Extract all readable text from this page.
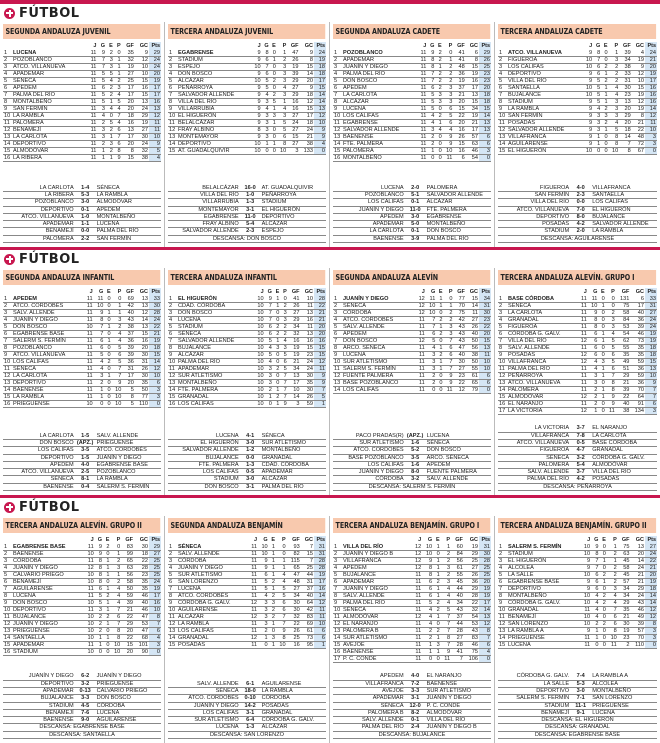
FÚTBOL
SEGUNDA ANDALUZA JUVENIL
		J	G	E	P	GF	GC	Pts
1	LUCENA	11	9	2	0	35	9	29
2	POZOBLANCO	11	7	3	1	32	12	24
3	ATCO. VILLANUEVA	11	7	3	1	19	10	24
4	APADEMAR	11	5	5	1	27	10	20
5	SÉNECA	11	5	4	2	25	15	19
6	APEDEM	11	6	2	3	17	16	17
7	PALMA DEL RÍO	11	5	2	4	17	15	17
8	MONTALBEÑO	11	5	1	5	20	13	16
9	SAN FERMÍN	11	3	4	4	20	24	13
10	LA RAMBLA	11	4	0	7	18	29	12
11	PALOMERA	11	2	5	4	16	19	11
12	BENAMEJÍ	11	3	2	6	13	27	11
13	LA CARLOTA	11	3	1	7	17	30	10
14	DEPORTIVO	11	2	3	6	20	24	9
15	ALMODÓVAR	11	1	2	8	8	32	5
16	LA RIBERA	11	1	1	9	15	38	4
LA CARLOTA	1-4	SÉNECA
LA RIBERA	5-3	LA RAMBLA
POZOBLANCO	3-0	ALMODÓVAR
DEPORTIVO	0-1	APEDEM
ATCO. VILLANUEVA	1-0	MONTALBEÑO
APADEMAR	1-1	LUCENA
BENAMEJÍ	0-0	PALMA DEL RÍO
PALOMERA	2-2	SAN FERMÍN
TERCERA ANDALUZA JUVENIL
		J	G	E	P	GF	GC	Pts
1	EGABRENSE	9	8	0	1	47	9	24
2	STADIUM	9	6	1	2	26	8	19
3	ESPEJO	10	7	0	3	19	15	18
4	DON BOSCO	9	6	0	3	39	14	18
5	ALCÁZAR	10	5	2	3	29	20	17
6	PEÑARROYA	9	5	0	4	27	9	15
7	SALVADOR ALLENDE	9	4	2	3	29	18	14
8	VILLA DEL RÍO	9	3	5	1	16	12	14
9	VILLARRUBIA	9	4	1	4	16	15	13
10	EL HIGUERÓN	9	3	3	3	27	17	12
11	BELALCÁZAR	9	3	1	5	24	18	10
12	FRAY ALBINO	8	3	0	5	27	24	9
13	MONTEMAYOR	9	3	0	6	15	21	9
14	DEPORTIVO	10	1	1	8	27	38	4
15	AT. GUADALQUIVIR	10	0	0	10	3	133	0
BELALCÁZAR	16-0	AT. GUADALQUIVIR
VILLA DEL RÍO	1-0	PEÑARROYA
VILLARRUBIA	1-3	STADIUM
MONTEMAYOR	3-1	EL HIGUERÓN
EGABRENSE	11-0	DEPORTIVO
FRAY ALBINO	5-4	ALCÁZAR
SALVADOR ALLENDE	2-3	ESPEJO
DESCANSA: DON BOSCO
SEGUNDA ANDALUZA CADETE
		J	G	E	P	GF	GC	Pts
1	POZOBLANCO	11	9	2	0	41	6	29
2	APADEMAR	11	8	2	1	41	8	26
3	JUANÍN Y DIEGO	11	8	1	2	48	15	25
4	PALMA DEL RÍO	11	7	2	2	36	19	23
5	DON BOSCO	11	7	2	2	19	16	23
6	APEDEM	11	6	2	3	37	17	20
7	LA CARLOTA	11	5	3	3	21	13	18
8	ALCÁZAR	11	5	3	3	20	15	18
9	LUCENA	11	5	0	6	15	34	15
10	LOS CALIFAS	11	4	2	5	22	19	14
11	EGABRENSE	11	4	1	6	20	21	13
12	SALVADOR ALLENDE	11	3	4	4	16	17	13
13	BAENENSE	11	2	0	9	26	57	6
14	FTE. PALMERA	11	2	0	9	15	63	6
15	PALOMERA	11	1	0	10	16	46	3
16	MONTALBEÑO	11	0	0	11	6	54	0
LUCENA	2-0	PALOMERA
POZOBLANCO	5-1	SALVADOR ALLENDE
LOS CALIFAS	0-1	ALCÁZAR
JUANÍN Y DIEGO	11-0	FTE. PALMERA
APEDEM	3-0	EGABRENSE
APADEMAR	5-0	MONTALBEÑO
LA CARLOTA	0-1	DON BOSCO
BAENENSE	3-9	PALMA DEL RÍO
TERCERA ANDALUZA CADETE
		J	G	E	P	GF	GC	Pts
1	ATCO. VILLANUEVA	9	8	0	1	39	4	24
2	FIGUEROA	10	7	0	3	34	19	21
3	LOS CALIFAS	10	6	2	2	38	9	20
4	DEPORTIVO	9	6	1	2	33	12	19
5	VILLA DEL RÍO	9	5	2	2	31	10	17
6	SANTAELLA	10	5	1	4	30	15	16
7	BUJALANCE	10	5	1	4	23	19	16
8	STADIUM	9	5	1	3	13	12	16
9	LA RAMBLA	9	4	2	3	20	19	14
10	SAN FERMÍN	9	3	3	3	29	8	12
11	POSADAS	9	3	2	4	20	21	11
12	SALVADOR ALLENDE	9	3	1	5	18	22	10
13	VILLAFRANCA	9	1	0	8	14	48	3
14	AGUILARENSE	9	1	0	8	7	72	3
15	EL HIGUERÓN	10	0	0	10	8	67	0
FIGUEROA	4-0	VILLAFRANCA
SAN FERMÍN	2-3	SANTAELLA
VILLA DEL RÍO	0-0	LOS CALIFAS
ATCO. VILLANUEVA	7-0	EL HIGUERÓN
DEPORTIVO	8-0	BUJALANCE
POSADAS	4-2	SALVADOR ALLENDE
STADIUM	2-0	LA RAMBLA
DESCANSA: AGUILARENSE
FÚTBOL
SEGUNDA ANDALUZA INFANTIL
		J	G	E	P	GF	GC	Pts
1	APEDEM	11	11	0	0	69	13	33
2	ATCO. CORDOBÉS	11	10	0	1	42	13	30
3	SALV. ALLENDE	11	9	1	1	40	12	28
4	JUANÍN Y DIEGO	11	8	0	3	43	14	24
5	DON BOSCO	10	7	1	2	38	13	22
6	EGABRENSE BASE	11	7	0	4	37	15	21
7	SALERM S. FERMÍN	11	6	1	4	36	16	19
8	POZOBLANCO	11	6	0	5	39	20	18
9	ATCO. VILLANUEVA	11	5	0	6	39	30	15
10	LOS CALIFAS	11	4	2	5	36	31	14
11	SÉNECA	11	4	0	7	31	26	12
12	LA CARLOTA	11	3	1	7	17	30	10
13	DEPORTIVO	11	2	0	9	20	35	6
14	BAENENSE	11	1	0	10	5	50	3
15	LA RAMBLA	11	1	0	10	8	77	3
16	PRIEGUENSE	10	0	0	10	5	110	0
LA CARLOTA	1-5	SALV. ALLENDE
DON BOSCO (APZ.) PRIEGUENSE
LOS CALIFAS	3-5	ATCO. CORDOBÉS
DEPORTIVO	1-5	JUANÍN Y DIEGO
APEDEM	4-0	EGABRENSE BASE
ATCO. VILLANUEVA	2-5	POZOBLANCO
SÉNECA	8-1	LA RAMBLA
BAENENSE	0-4	SALERM S. FERMÍN
TERCERA ANDALUZA INFANTIL
		J	G	E	P	GF	GC	Pts
1	EL HIGUERÓN	10	9	1	0	41	10	28
2	CDAD. CÓRDOBA	10	7	1	2	26	11	22
3	DON BOSCO	10	7	0	3	27	13	21
4	LUCENA	10	7	0	3	29	16	21
5	STADIUM	10	6	2	2	34	11	20
6	SÉNECA	10	6	2	2	32	13	20
7	SALVADOR ALLENDE	10	5	1	4	16	16	16
8	BUJALANCE	10	4	3	3	19	15	15
9	ALCÁZAR	10	5	0	5	19	23	15
10	PALMA DEL RÍO	10	4	0	6	21	24	12
11	APADEMAR	10	3	2	5	34	24	11
12	SUR ATLETISMO	10	3	0	7	13	30	9
13	MONTALBEÑO	10	3	0	7	17	35	9
14	FTE. PALMERA	10	2	1	7	10	30	7
15	GRANADAL	10	1	2	7	14	26	5
16	LOS CALIFAS	10	0	1	9	3	59	1
LUCENA	4-1	SÉNECA
EL HIGUERÓN	3-0	SUR ATLETISMO
SALVADOR ALLENDE	1-2	MONTALBEÑO
BUJALANCE	0-0	GRANADAL
FTE. PALMERA	1-3	CDAD. CÓRDOBA
LOS CALIFAS	0-5	APADEMAR
STADIUM	3-0	ALCÁZAR
DON BOSCO	3-1	PALMA DEL RÍO
SEGUNDA ANDALUZA ALEVÍN
		J	G	E	P	GF	GC	Pts
1	JUANÍN Y DIEGO	12	11	1	0	77	15	34
2	SÉNECA	12	10	1	1	70	14	31
3	CÓRDOBA	12	10	0	2	75	11	30
4	ATCO. CORDOBÉS	11	7	2	2	42	27	23
5	SALV. ALLENDE	11	7	1	3	43	26	22
6	APEDEM	11	6	2	3	43	40	20
7	DON BOSCO	12	5	0	7	43	50	15
8	ARCO. SÉNECA	11	4	1	6	47	56	13
9	LUCENA	11	3	2	6	40	38	11
10	SUR ATLETISMO	11	3	1	7	30	50	10
11	SALERM S. FERMÍN	11	3	1	7	27	55	10
12	FUENTE PALMERA	11	2	0	9	23	61	6
13	BASE POZOBLANCO	11	2	0	9	22	65	6
14	LOS CALIFAS	11	0	0	11	12	79	0
PACO PRADAS(R) (APZ.) LUCENA
SUR ATLETISMO	1-6	SÉNECA
ATCO. CORDOBÉS	5-2	DON BOSCO
BASE POZOBLANCO	3-5	ARCO. SÉNECA
LOS CALIFAS	1-6	APEDEM
JUANÍN Y DIEGO	8-0	FUENTE PALMERA
CÓRDOBA	3-2	SALV. ALLENDE
DESCANSA: SALERM S. FERMÍN
TERCERA ANDALUZA ALEVÍN. GRUPO I
		J	G	E	P	GF	GC	Pts
1	BASE CÓRDOBA	11	11	0	0	131	6	33
2	SÉNECA	11	10	1	0	75	17	31
3	LA CARLOTA	11	9	0	2	58	40	27
4	GRANADAL	11	8	0	3	84	36	24
5	FIGUEROA	11	8	0	3	53	39	24
6	CÓRDOBA G. GALV.	11	6	1	4	54	46	19
7	VILLA DEL RÍO	12	6	1	5	62	73	19
8	SALV. ALLENDE	11	6	0	5	55	35	18
9	POSADAS	12	6	0	6	35	35	18
10	VILLAFRANCA	12	4	3	5	49	59	15
11	PALMA DEL RÍO	11	4	1	6	51	36	13
12	PEÑARROYA	11	3	1	7	29	59	10
13	ATCO. VILLANUEVA	11	3	0	8	21	36	9
14	PALOMERA	11	2	1	8	39	70	7
15	ALMODÓVAR	12	2	1	9	22	64	7
16	EL NARANJO	11	2	0	9	40	91	6
17	LA VICTORIA	12	1	0	11	38	134	3
LA VICTORIA	3-7	EL NARANJO
VILLAFRANCA	7-8	LA CARLOTA
ATCO. VILLANUEVA	0-5	BASE CÓRDOBA
FIGUEROA	4-7	GRANADAL
SÉNECA	3-2	CÓRDOBA G. GALV.
PALOMERA	5-4	ALMODÓVAR
SALV. ALLENDE	3-7	VILLA DEL RÍO
PALMA DEL RÍO	4-2	POSADAS
DESCANSA: PEÑARROYA
FÚTBOL
TERCERA ANDALUZA ALEVÍN. GRUPO II
		J	G	E	P	GF	GC	Pts
1	EGABRENSE BASE	11	9	2	0	83	30	29
2	BAENENSE	10	9	0	1	99	18	27
3	CÓRDOBA	11	8	1	2	65	22	25
4	JUANÍN Y DIEGO	12	8	1	3	63	28	25
5	CALVARIO PRIEGO	10	8	1	1	56	23	25
6	BENAMEJÍ	10	8	0	2	58	35	24
7	AGUILARENSE	11	6	1	4	50	35	19
8	LUCENA	11	5	2	4	59	46	17
9	DON BOSCO	10	5	1	4	39	40	16
10	DEPORTIVO	11	3	1	7	21	46	10
11	BUJALANCE	10	2	2	6	22	47	8
12	JUANÍN Y DIEGO	10	2	1	7	29	53	7
13	PRIEGUENSE	10	2	0	8	20	47	6
14	SANTAELLA	10	1	1	8	22	68	4
15	APADEMAR	11	1	0	10	15	101	3
16	STADIUM	10	0	0	10	20	90	0
JUANÍN Y DIEGO	6-2	JUANÍN Y DIEGO
DEPORTIVO	3-2	PRIEGUENSE
APADEMAR	0-13	CALVARIO PRIEGO
BUJALANCE	3-3	DON BOSCO
STADIUM	4-5	CÓRDOBA
BENAMEJÍ	7-6	LUCENA
BAENENSE	9-0	AGUILARENSE
DESCANSA: EGABRENSE BASE
DESCANSA: SANTAELLA
SEGUNDA ANDALUZA BENJAMÍN
		J	G	E	P	GF	GC	Pts
1	SÉNECA	11	10	1	0	93	7	31
2	SALV. ALLENDE	11	10	1	0	82	15	31
3	CÓRDOBA	11	9	1	1	115	7	28
4	JUANÍN Y DIEGO	11	9	1	1	65	25	28
5	SUR ATLETISMO	11	6	1	4	47	44	19
6	SAN LORENZO	11	5	2	4	48	31	17
7	LUCENA	11	5	1	5	27	37	16
8	ATCO. CORDOBÉS	11	4	2	5	34	40	14
9	CÓRDOBA G. GALV.	12	3	3	6	30	64	12
10	AGUILARENSE	11	3	2	6	30	42	11
11	ALCÁZAR	12	3	2	7	32	83	11
12	LA RAMBLA	11	3	1	7	22	69	10
13	LOS CALIFAS	11	2	0	9	26	61	6
14	GRANADAL	12	1	3	8	25	73	6
15	POSADAS	11	0	1	10	16	95	1
SALV. ALLENDE	6-1	AGUILARENSE
SÉNECA	18-0	LA RAMBLA
ATCO. CORDOBÉS	0-10	CÓRDOBA
JUANÍN Y DIEGO	14-2	POSADAS
LOS CALIFAS	3-1	GRANADAL
SUR ATLETISMO	6-4	CÓRDOBA G. GALV.
LUCENA	1-3	ALCÁZAR
DESCANSA: SAN LORENZO
TERCERA ANDALUZA BENJAMÍN. GRUPO I
		J	G	E	P	GF	GC	Pts
1	VILLA DEL RÍO	12	10	1	1	60	19	31
2	JUANÍN Y DIEGO B	12	10	0	2	84	29	30
3	VILLAFRANCA	12	9	1	2	56	25	28
4	APEDEM	12	8	1	3	61	27	25
5	BUJALANCE	11	8	1	2	55	26	25
6	APADEMAR	11	6	2	3	45	36	20
7	JUANÍN Y DIEGO	11	6	1	4	44	29	19
8	SALV. ALLENDE	11	6	1	4	40	28	19
9	PALMA DEL RÍO	11	5	2	4	34	22	17
10	SÉNECA	11	4	2	5	43	32	14
11	ALMODÓVAR	12	4	1	7	37	54	13
12	EL NARANJO	11	4	0	7	44	53	12
13	PALOMERA B	11	2	2	7	28	43	8
14	SUR ATLETISMO	11	2	1	8	27	83	7
15	AVEJOE	11	1	3	7	28	46	6
16	BAENENSE	11	1	1	9	41	75	4
17	P. C. CONDE	11	0	0	11	7	106	0
APEDEM	4-0	EL NARANJO
VILLAFRANCA	7-2	BAENENSE
AVEJOE	3-3	SUR ATLETISMO
APADEMAR	3-1	JUANÍN Y DIEGO
SÉNECA	12-0	P. C. CONDE
PALOMERA B	8-2	ALMODÓVAR
SALV. ALLENDE	0-1	VILLA DEL RÍO
PALMA DEL RÍO	2-4	JUANÍN Y DIEGO B
DESCANSA: BUJALANCE
TERCERA ANDALUZA BENJAMÍN. GRUPO II
		J	G	E	P	GF	GC	Pts
1	SALERM S. FERMÍN	10	9	0	1	75	13	27
2	STADIUM	10	8	0	2	63	20	24
3	EL HIGUERÓN	9	7	1	1	45	14	22
4	ALCOLEA	9	7	0	2	58	24	21
5	LA SALLE	10	6	2	2	45	21	20
6	EGABRENSE BASE	9	6	1	2	57	21	19
7	DEPORTIVO	9	6	0	3	34	29	18
8	MONTALBEÑO	10	4	2	4	34	24	14
9	CÓRDOBA G. GALV.	10	4	2	4	29	43	14
10	GRANADAL	11	4	0	7	35	46	12
11	BENAMEJÍ	10	4	0	6	21	49	12
12	SAN LORENZO	10	2	2	6	30	39	8
13	LA RAMBLA A	9	1	0	8	19	57	3
14	PRIEGUENSE	11	1	0	10	23	70	3
15	LUCENA	11	0	0	11	2	110	0
CÓRDOBA G. GALV.	7-4	LA RAMBLA A
LA SALLE	5-3	ALCOLEA
DEPORTIVO	3-0	MONTALBEÑO
SALERM S. FERMÍN	7-1	SAN LORENZO
STADIUM	11-1	PRIEGUENSE
BENAMEJÍ	9-1	LUCENA
DESCANSA: EL HIGUERÓN
DESCANSA: GRANADAL
DESCANSA: EGABRENSE BASE
